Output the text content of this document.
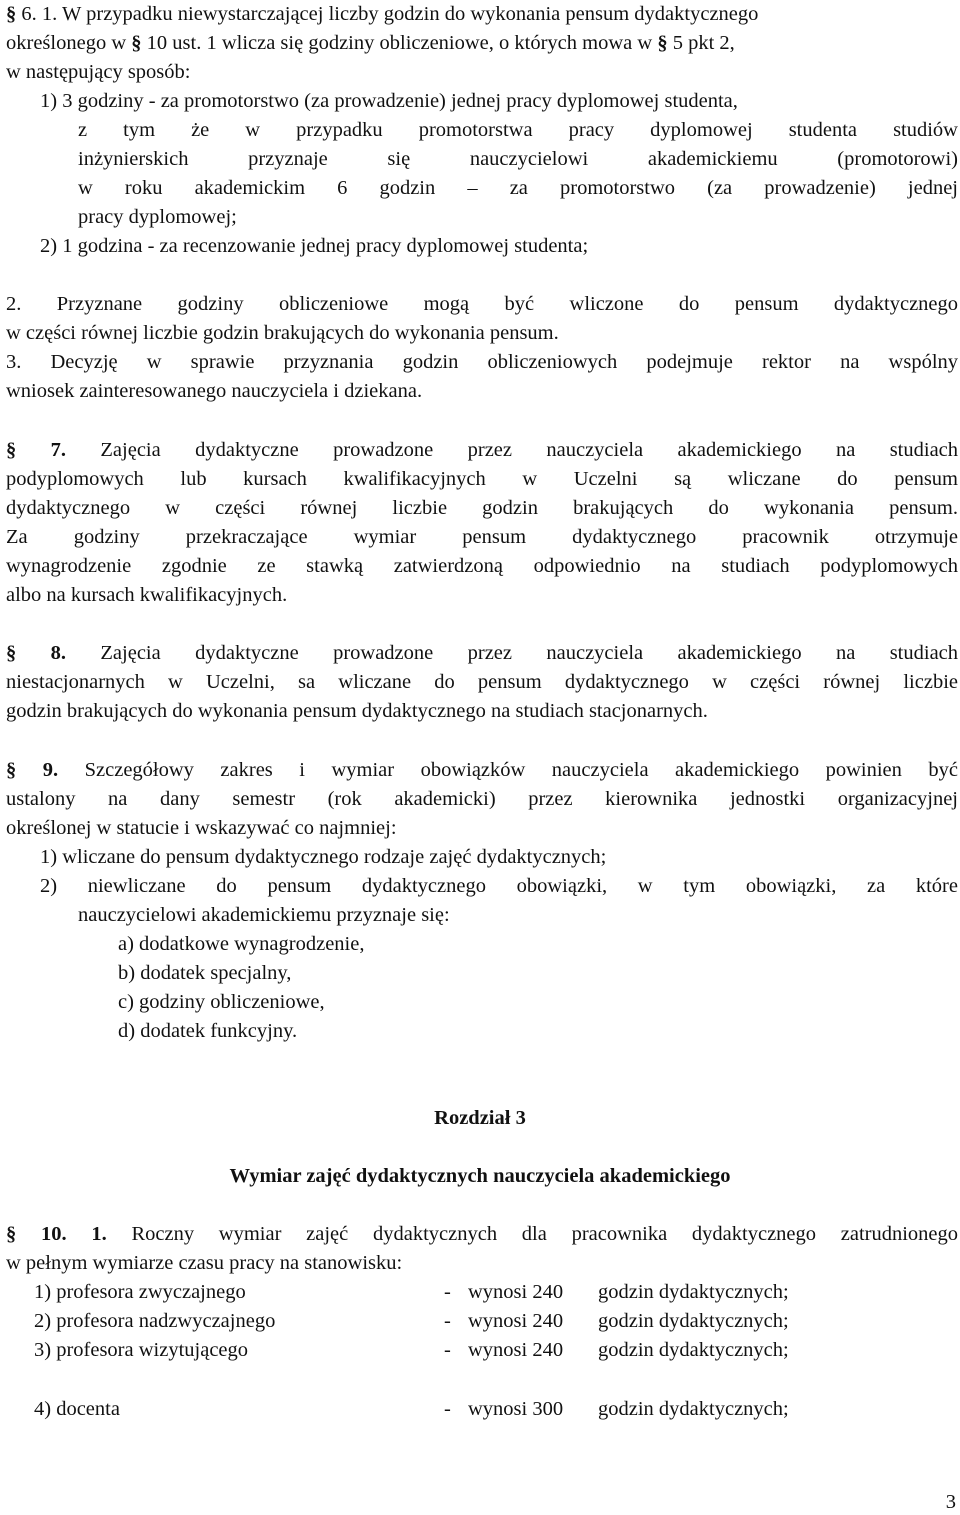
§ 6. 1. W przypadku niewystarczającej liczby godzin do wykonania pensum dydaktycznego
określonego w § 10 ust. 1 wlicza się godziny obliczeniowe, o których mowa w § 5 pkt 2,
w następujący sposób:
1) 3 godziny - za promotorstwo (za prowadzenie) jednej pracy dyplomowej studenta,
z tym że w przypadku promotorstwa pracy dyplomowej studenta studiów
inżynierskich przyznaje się nauczycielowi akademickiemu (promotorowi)
w roku akademickim 6 godzin – za promotorstwo (za prowadzenie) jednej
pracy dyplomowej;
2) 1 godzina - za recenzowanie jednej pracy dyplomowej studenta;
2. Przyznane godziny obliczeniowe mogą być wliczone do pensum dydaktycznego
w części równej liczbie godzin brakujących do wykonania pensum.
3. Decyzję w sprawie przyznania godzin obliczeniowych podejmuje rektor na wspólny
wniosek zainteresowanego nauczyciela i dziekana.
§ 7. Zajęcia dydaktyczne prowadzone przez nauczyciela akademickiego na studiach
podyplomowych lub kursach kwalifikacyjnych w Uczelni są wliczane do pensum
dydaktycznego w części równej liczbie godzin brakujących do wykonania pensum.
Za godziny przekraczające wymiar pensum dydaktycznego pracownik otrzymuje
wynagrodzenie zgodnie ze stawką zatwierdzoną odpowiednio na studiach podyplomowych
albo na kursach kwalifikacyjnych.
§ 8. Zajęcia dydaktyczne prowadzone przez nauczyciela akademickiego na studiach
niestacjonarnych w Uczelni, sa wliczane do pensum dydaktycznego w części równej liczbie
godzin brakujących do wykonania pensum dydaktycznego na studiach stacjonarnych.
§ 9. Szczegółowy zakres i wymiar obowiązków nauczyciela akademickiego powinien być
ustalony na dany semestr (rok akademicki) przez kierownika jednostki organizacyjnej
określonej w statucie i wskazywać co najmniej:
1) wliczane do pensum dydaktycznego rodzaje zajęć dydaktycznych;
2) niewliczane do pensum dydaktycznego obowiązki, w tym obowiązki, za które
nauczycielowi akademickiemu przyznaje się:
a) dodatkowe wynagrodzenie,
b) dodatek specjalny,
c) godziny obliczeniowe,
d) dodatek funkcyjny.
Rozdział 3
Wymiar zajęć dydaktycznych nauczyciela akademickiego
§ 10. 1. Roczny wymiar zajęć dydaktycznych dla pracownika dydaktycznego zatrudnionego
w pełnym wymiarze czasu pracy na stanowisku:
1) profesora zwyczajnego	- wynosi 240 godzin dydaktycznych;
2) profesora nadzwyczajnego	- wynosi 240 godzin dydaktycznych;
3) profesora wizytującego	- wynosi 240 godzin dydaktycznych;
4) docenta	- wynosi 300 godzin dydaktycznych;
3
